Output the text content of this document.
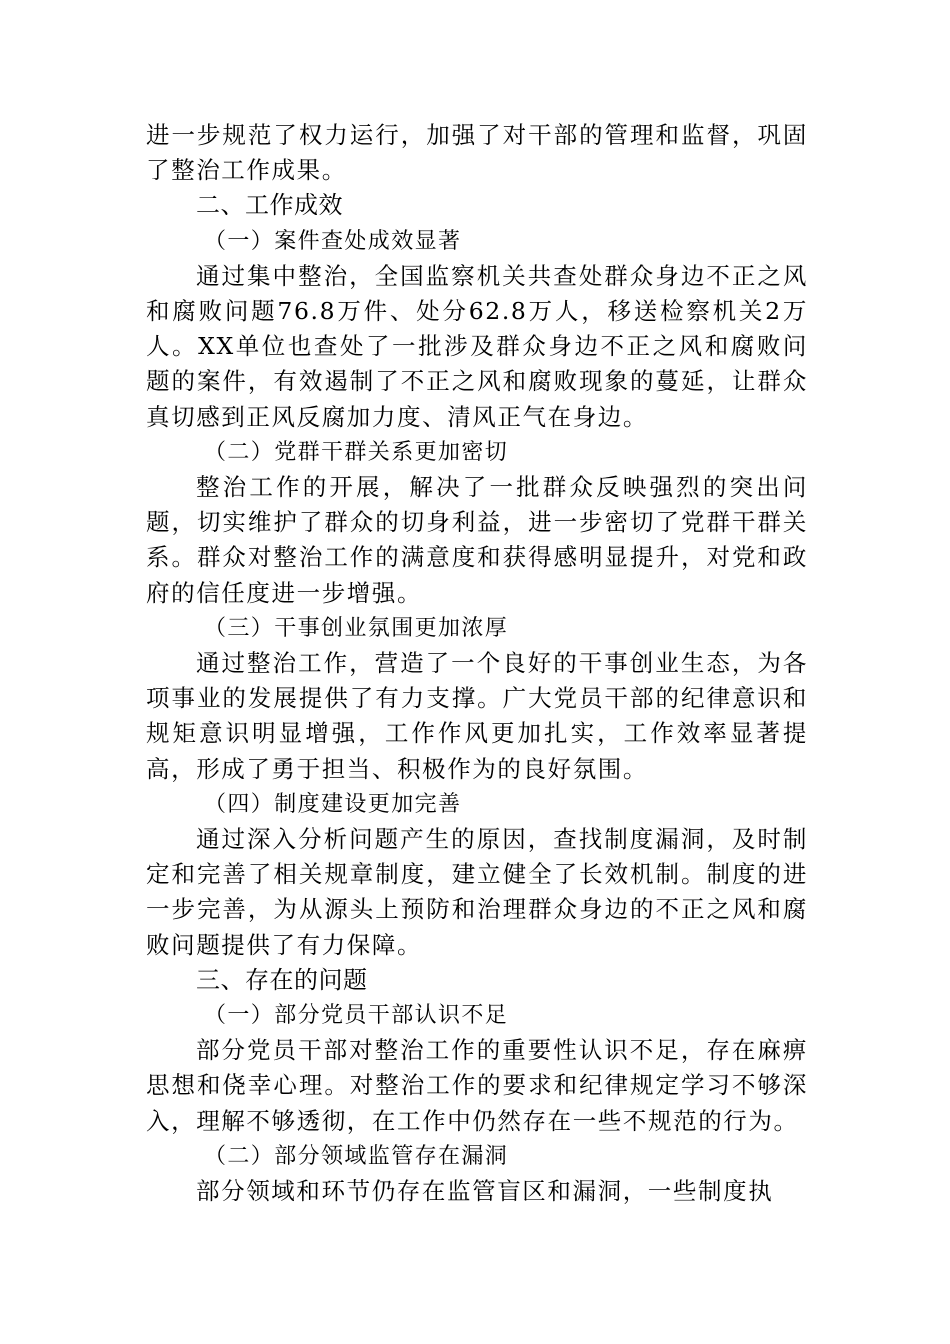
进一步规范了权力运行，加强了对干部的管理和监督，巩固了整治工作成果。

二、工作成效

（一）案件查处成效显著

通过集中整治，全国监察机关共查处群众身边不正之风和腐败问题76.8万件、处分62.8万人，移送检察机关2万人。XX单位也查处了一批涉及群众身边不正之风和腐败问题的案件，有效遏制了不正之风和腐败现象的蔓延，让群众真切感到正风反腐加力度、清风正气在身边。

（二）党群干群关系更加密切

整治工作的开展，解决了一批群众反映强烈的突出问题，切实维护了群众的切身利益，进一步密切了党群干群关系。群众对整治工作的满意度和获得感明显提升，对党和政府的信任度进一步增强。

（三）干事创业氛围更加浓厚

通过整治工作，营造了一个良好的干事创业生态，为各项事业的发展提供了有力支撑。广大党员干部的纪律意识和规矩意识明显增强，工作作风更加扎实，工作效率显著提高，形成了勇于担当、积极作为的良好氛围。

（四）制度建设更加完善

通过深入分析问题产生的原因，查找制度漏洞，及时制定和完善了相关规章制度，建立健全了长效机制。制度的进一步完善，为从源头上预防和治理群众身边的不正之风和腐败问题提供了有力保障。

三、存在的问题

（一）部分党员干部认识不足

部分党员干部对整治工作的重要性认识不足，存在麻痹思想和侥幸心理。对整治工作的要求和纪律规定学习不够深入，理解不够透彻，在工作中仍然存在一些不规范的行为。

（二）部分领域监管存在漏洞

部分领域和环节仍存在监管盲区和漏洞，一些制度执
